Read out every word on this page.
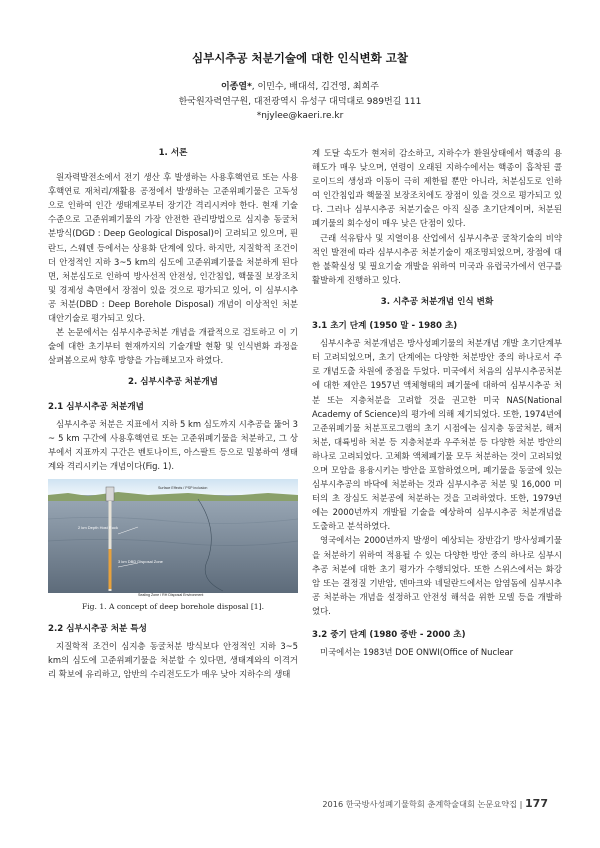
심부시추공 처분기술에 대한 인식변화 고찰
이종열*, 이민수, 배대석, 김건영, 최희주
한국원자력연구원, 대전광역시 유성구 대덕대로 989번길 111
*njylee@kaeri.re.kr
1. 서론

원자력발전소에서 전기 생산 후 발생하는 사용후핵연료 또는 사용후핵연료 재처리/재활용 공정에서 발생하는 고준위폐기물은 고독성으로 인하여 인간 생태계로부터 장기간 격리시켜야 한다. 현재 기술수준으로 고준위폐기물의 가장 안전한 관리방법으로 심지층 동굴처분방식(DGD : Deep Geological Disposal)이 고려되고 있으며, 핀란드, 스웨덴 등에서는 상용화 단계에 있다. 하지만, 지질학적 조건이 더 안정적인 지하 3~5 km의 심도에 고준위폐기물을 처분하게 된다면, 처분심도로 인하여 방사선적 안전성, 인간침입, 핵물질 보장조치 및 경제성 측면에서 장점이 있을 것으로 평가되고 있어, 이 심부시추공 처분(DBD : Deep Borehole Disposal) 개념이 이상적인 처분 대안기술로 평가되고 있다.

본 논문에서는 심부시추공처분 개념을 개괄적으로 검토하고 이 기술에 대한 초기부터 현재까지의 기술개발 현황 및 인식변화 과정을 살펴봄으로써 향후 방향을 가늠해보고자 하였다.

2. 심부시추공 처분개념
2.1 심부시추공 처분개념

심부시추공 처분은 지표에서 지하 5 km 심도까지 시추공을 뚫어 3 ~ 5 km 구간에 사용후핵연료 또는 고준위폐기물을 처분하고, 그 상부에서 지표까지 구간은 벤토나이트, 아스팔트 등으로 밀봉하여 생태계와 격리시키는 개념이다(Fig. 1).

Surface Effects / PSP inclusion
2 km Depth Host Rock
3 km DBD Disposal Zone
Sealing Zone / RH Disposal Environment
Fig. 1. A concept of deep borehole disposal [1].
2.2 심부시추공 처분 특성

지질학적 조건이 심지층 동굴처분 방식보다 안정적인 지하 3~5 km의 심도에 고준위폐기물을 처분할 수 있다면, 생태계와의 이격거리 확보에 유리하고, 암반의 수리전도도가 매우 낮아 지하수의 생태

계 도달 속도가 현저히 감소하고, 지하수가 환원상태에서 핵종의 용해도가 매우 낮으며, 연령이 오래된 지하수에서는 핵종이 흡착된 콜로이드의 생성과 이동이 극히 제한될 뿐만 아니라, 처분심도로 인하여 인간침입과 핵물질 보장조치에도 장점이 있을 것으로 평가되고 있다. 그러나 심부시추공 처분기술은 아직 실증 초기단계이며, 처분된 폐기물의 회수성이 매우 낮은 단점이 있다.

근래 석유탐사 및 지열이용 산업에서 심부시추공 굴착기술의 비약적인 발전에 따라 심부시추공 처분기술이 재조명되었으며, 장점에 대한 불확실성 및 필요기술 개발을 위하여 미국과 유럽국가에서 연구를 활발하게 진행하고 있다.

3. 시추공 처분개념 인식 변화
3.1 초기 단계 (1950 말 - 1980 초)

심부시추공 처분개념은 방사성폐기물의 처분개념 개발 초기단계부터 고려되었으며, 초기 단계에는 다양한 처분방안 중의 하나로서 주로 개념도출 차원에 중점을 두었다. 미국에서 처음의 심부시추공처분에 대한 제안은 1957년 액체형태의 폐기물에 대하여 심부시추공 처분 또는 지층처분을 고려할 것을 권고한 미국 NAS(National Academy of Science)의 평가에 의해 제기되었다. 또한, 1974년에 고준위폐기물 처분프로그램의 초기 시점에는 심지층 동굴처분, 해저처분, 대륙빙하 처분 등 지층처분과 우주처분 등 다양한 처분 방안의 하나로 고려되었다. 고체화 액체폐기물 모두 처분하는 것이 고려되었으며 모암을 용융시키는 방안을 포함하였으며, 폐기물을 동굴에 있는 심부시추공의 바닥에 처분하는 것과 심부시추공 처분 및 16,000 미터의 초 장심도 처분공에 처분하는 것을 고려하였다. 또한, 1979년에는 2000년까지 개발될 기술을 예상하여 심부시추공 처분개념을 도출하고 분석하였다.

영국에서는 2000년까지 발생이 예상되는 장반감기 방사성폐기물을 처분하기 위하여 적용될 수 있는 다양한 방안 중의 하나로 심부시추공 처분에 대한 초기 평가가 수행되었다. 또한 스위스에서는 화강암 또는 결정질 기반암, 덴마크와 네덜란드에서는 암염돔에 심부시추공 처분하는 개념을 설정하고 안전성 해석을 위한 모델 등을 개발하였다.

3.2 중기 단계 (1980 중반 - 2000 초)

미국에서는 1983년 DOE ONWI(Office of Nuclear

2016 한국방사성폐기물학회 춘계학술대회 논문요약집 | 177
